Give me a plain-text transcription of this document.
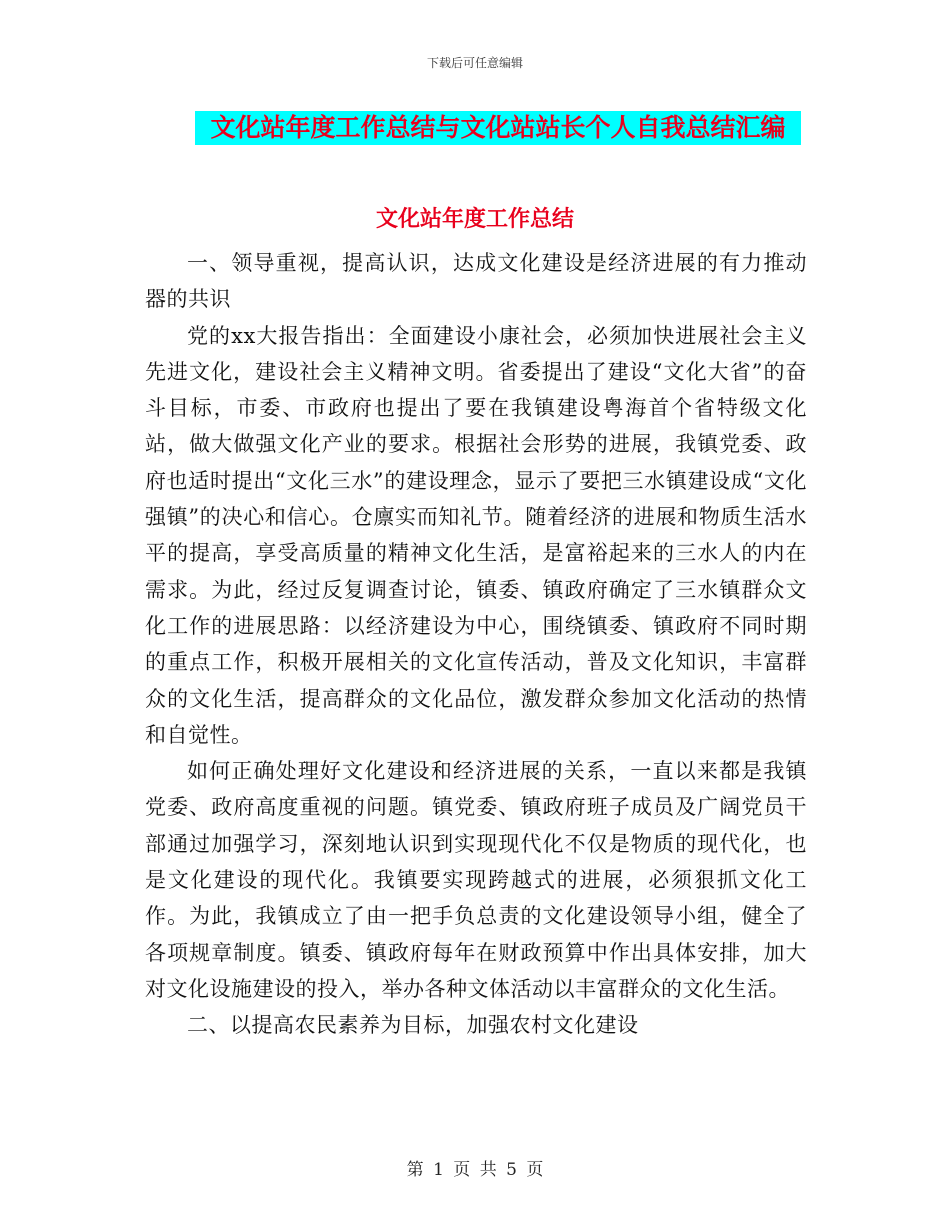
下载后可任意编辑
文化站年度工作总结与文化站站长个人自我总结汇编
文化站年度工作总结

一、领导重视，提高认识，达成文化建设是经济进展的有力推动器的共识

党的xx大报告指出：全面建设小康社会，必须加快进展社会主义先进文化，建设社会主义精神文明。省委提出了建设“文化大省”的奋斗目标，市委、市政府也提出了要在我镇建设粤海首个省特级文化站，做大做强文化产业的要求。根据社会形势的进展，我镇党委、政府也适时提出“文化三水”的建设理念，显示了要把三水镇建设成“文化强镇”的决心和信心。仓廪实而知礼节。随着经济的进展和物质生活水平的提高，享受高质量的精神文化生活，是富裕起来的三水人的内在需求。为此，经过反复调查讨论，镇委、镇政府确定了三水镇群众文化工作的进展思路：以经济建设为中心，围绕镇委、镇政府不同时期的重点工作，积极开展相关的文化宣传活动，普及文化知识，丰富群众的文化生活，提高群众的文化品位，激发群众参加文化活动的热情和自觉性。

如何正确处理好文化建设和经济进展的关系，一直以来都是我镇党委、政府高度重视的问题。镇党委、镇政府班子成员及广阔党员干部通过加强学习，深刻地认识到实现现代化不仅是物质的现代化，也是文化建设的现代化。我镇要实现跨越式的进展，必须狠抓文化工作。为此，我镇成立了由一把手负总责的文化建设领导小组，健全了各项规章制度。镇委、镇政府每年在财政预算中作出具体安排，加大对文化设施建设的投入，举办各种文体活动以丰富群众的文化生活。

二、以提高农民素养为目标，加强农村文化建设

第 1 页 共 5 页
